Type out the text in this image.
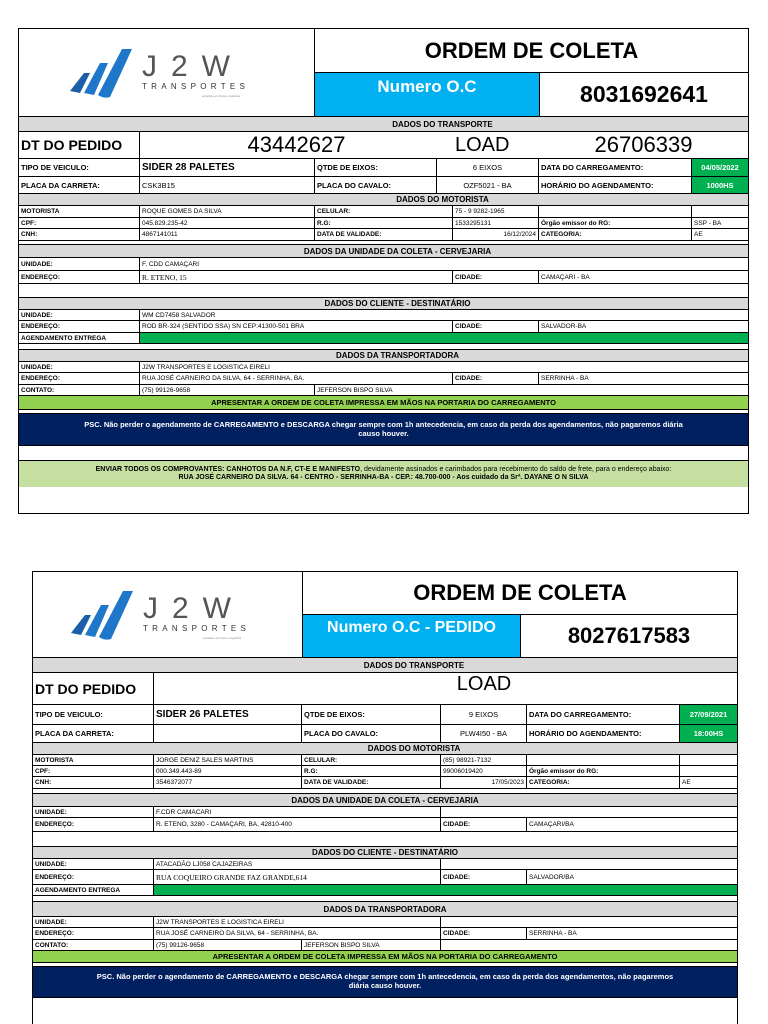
J2W
TRANSPORTES
soluções em frete e logística
ORDEM DE COLETA
Numero O.C	8031692641
DADOS DO TRANSPORTE
DT DO PEDIDO	43442627	LOAD	26706339
TIPO DE VEICULO:	SIDER 28 PALETES	QTDE DE EIXOS:	6 EIXOS	DATA DO CARREGAMENTO:	04/05/2022
PLACA DA CARRETA:	CSK3B15	PLACA DO CAVALO:	OZF5021 - BA	HORÁRIO DO AGENDAMENTO:	1000HS
DADOS DO MOTORISTA
MOTORISTA	ROQUE GOMES DA SILVA	CELULAR:	75 - 9 9282-1965
CPF:	045.829.235-42	R.G:	1533295131	Órgão emissor do RG:	SSP - BA
CNH:	4867141011	DATA DE VALIDADE:	16/12/2024 CATEGORIA:	AE
DADOS DA UNIDADE DA COLETA - CERVEJARIA
UNIDADE:	F. CDD CAMAÇARI
ENDEREÇO:	R. ETENO, 15	CIDADE:	CAMAÇARI - BA
DADOS DO CLIENTE - DESTINATÁRIO
UNIDADE:	WM CD7458 SALVADOR
ENDEREÇO:	ROD BR-324 (SENTIDO SSA) SN CEP:41300-501 BRA	CIDADE:	SALVADOR-BA
AGENDAMENTO ENTREGA
DADOS DA TRANSPORTADORA
UNIDADE:	J2W TRANSPORTES E LOGISTICA EIRELI
ENDEREÇO:	RUA JOSÉ CARNEIRO DA SILVA, 64 - SERRINHA, BA.	CIDADE:	SERRINHA - BA
CONTATO:	(75) 99126-9658	JEFERSON BISPO SILVA
APRESENTAR A ORDEM DE COLETA IMPRESSA EM MÃOS NA PORTARIA DO CARREGAMENTO
PSC. Não perder o agendamento de CARREGAMENTO e DESCARGA chegar sempre com 1h antecedencia, em caso da perda dos agendamentos, não pagaremos diária causo houver.
ENVIAR TODOS OS COMPROVANTES: CANHOTOS DA N.F, CT-E E MANIFESTO, devidamente assinados e carimbados para recebimento do saldo de frete, para o endereço abaixo:
RUA JOSÉ CARNEIRO DA SILVA. 64 - CENTRO - SERRINHA-BA - CEP.: 48.700-000 - Aos cuidado da Srª. DAYANE O N SILVA
J2W
TRANSPORTES
soluções em frete e logística
ORDEM DE COLETA
Numero O.C - PEDIDO	8027617583
DADOS DO TRANSPORTE
DT DO PEDIDO	LOAD
TIPO DE VEICULO:	SIDER 26 PALETES	QTDE DE EIXOS:	9 EIXOS	DATA DO CARREGAMENTO:	27/09/2021
PLACA DA CARRETA:	PLACA DO CAVALO:	PLW4I50 - BA	HORÁRIO DO AGENDAMENTO:	18:00HS
DADOS DO MOTORISTA
MOTORISTA	JORGE DENIZ SALES MARTINS	CELULAR:	(85) 98921-7132
CPF:	000.349.443-89	R.G:	99006019420	Órgão emissor do RG:
CNH:	3546372077	DATA DE VALIDADE:	17/05/2023 CATEGORIA:	AE
DADOS DA UNIDADE DA COLETA - CERVEJARIA
UNIDADE:	F.CDR CAMACARI
ENDEREÇO:	R. ETENO, 3280 - CAMAÇARI, BA, 42810-400	CIDADE:	CAMAÇARI/BA
DADOS DO CLIENTE - DESTINATÁRIO
UNIDADE:	ATACADÃO LJ058 CAJAZEIRAS
ENDEREÇO:	RUA COQUEIRO GRANDE FAZ GRANDE,614	CIDADE:	SALVADOR/BA
AGENDAMENTO ENTREGA
DADOS DA TRANSPORTADORA
UNIDADE:	J2W TRANSPORTES E LOGISTICA EIRELI
ENDEREÇO:	RUA JOSÉ CARNEIRO DA SILVA, 64 - SERRINHA, BA.	CIDADE:	SERRINHA - BA
CONTATO:	(75) 99126-9658	JEFERSON BISPO SILVA
APRESENTAR A ORDEM DE COLETA IMPRESSA EM MÃOS NA PORTARIA DO CARREGAMENTO
PSC. Não perder o agendamento de CARREGAMENTO e DESCARGA chegar sempre com 1h antecedencia, em caso da perda dos agendamentos, não pagaremos diária causo houver.
